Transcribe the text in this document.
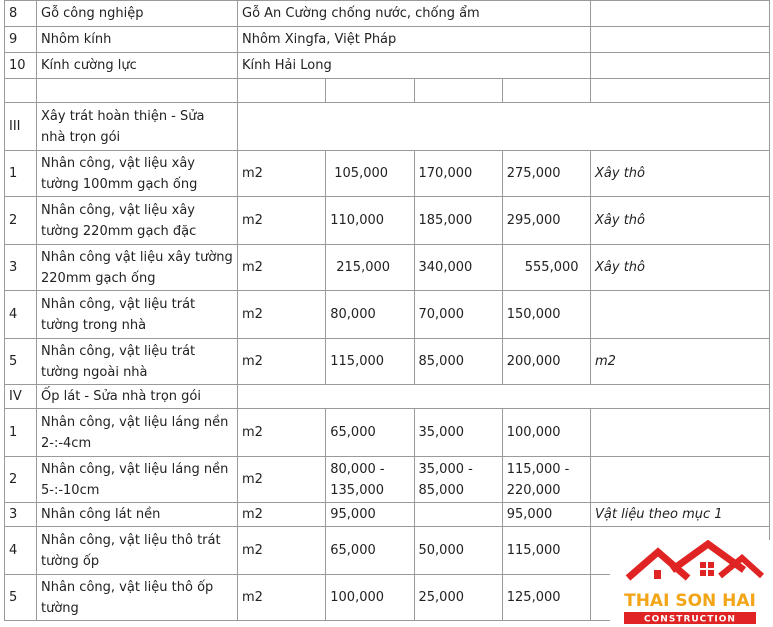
8	Gỗ công nghiệp	Gỗ An Cường chống nước, chống ẩm				
9	Nhôm kính	Nhôm Xingfa, Việt Pháp				
10	Kính cường lực	Kính Hải Long				

III	Xây trát hoàn thiện - Sửa nhà trọn gói					
1	Nhân công, vật liệu xây tường 100mm gạch ống	m2	105,000	170,000	275,000	Xây thô
2	Nhân công, vật liệu xây tường 220mm gạch đặc	m2	110,000	185,000	295,000	Xây thô
3	Nhân công vật liệu xây tường 220mm gạch ống	m2	215,000	340,000	555,000	Xây thô
4	Nhân công, vật liệu trát tường trong nhà	m2	80,000	70,000	150,000	
5	Nhân công, vật liệu trát tường ngoài nhà	m2	115,000	85,000	200,000	m2
IV	Ốp lát - Sửa nhà trọn gói					
1	Nhân công, vật liệu láng nền 2-:-4cm	m2	65,000	35,000	100,000	
2	Nhân công, vật liệu láng nền 5-:-10cm	m2	80,000 - 135,000	35,000 - 85,000	115,000 - 220,000	
3	Nhân công lát nền	m2	95,000		95,000	Vật liệu theo mục 1
4	Nhân công, vật liệu thô trát tường ốp	m2	65,000	50,000	115,000	
5	Nhân công, vật liệu thô ốp tường	m2	100,000	25,000	125,000		THAI SON HAI
CONSTRUCTION
